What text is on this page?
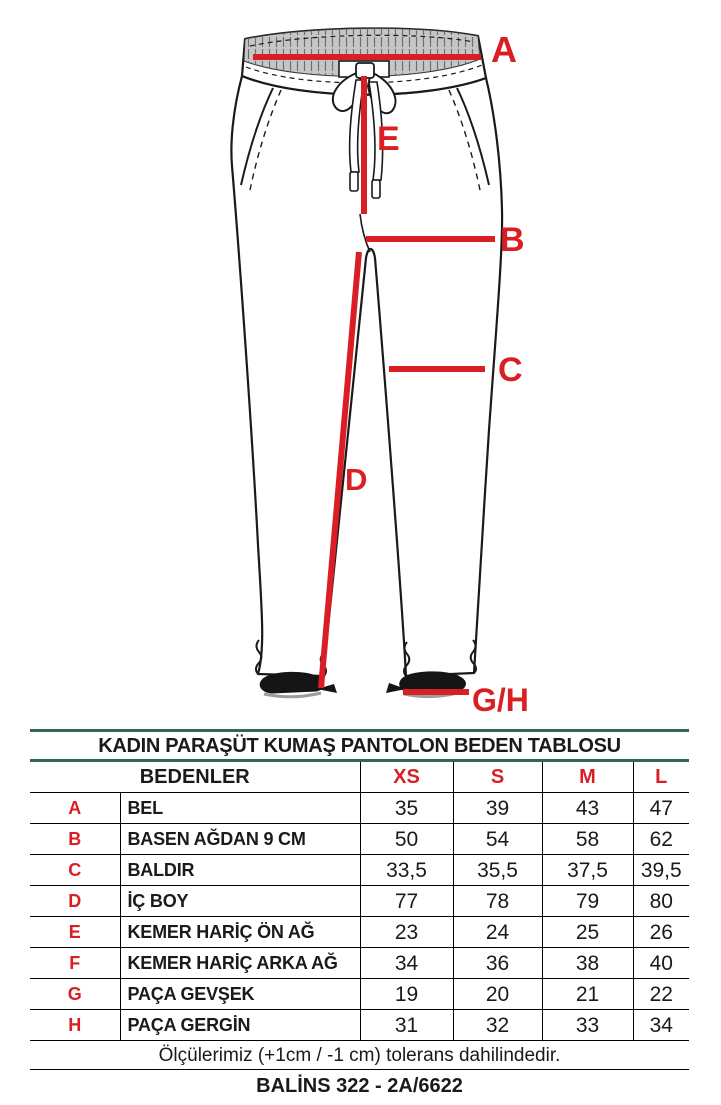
A
E
B
C
D
G/H
KADIN PARAŞÜT KUMAŞ PANTOLON BEDEN TABLOSU					
BEDENLER		XS	S	M	L
A	BEL	35	39	43	47
B	BASEN AĞDAN 9 CM	50	54	58	62
C	BALDIR	33,5	35,5	37,5	39,5
D	İÇ BOY	77	78	79	80
E	KEMER HARİÇ ÖN AĞ	23	24	25	26
F	KEMER HARİÇ ARKA AĞ	34	36	38	40
G	PAÇA GEVŞEK	19	20	21	22
H	PAÇA GERGİN	31	32	33	34
Ölçülerimiz (+1cm / -1 cm) tolerans dahilindedir.					
BALİNS 322 - 2A/6622					
